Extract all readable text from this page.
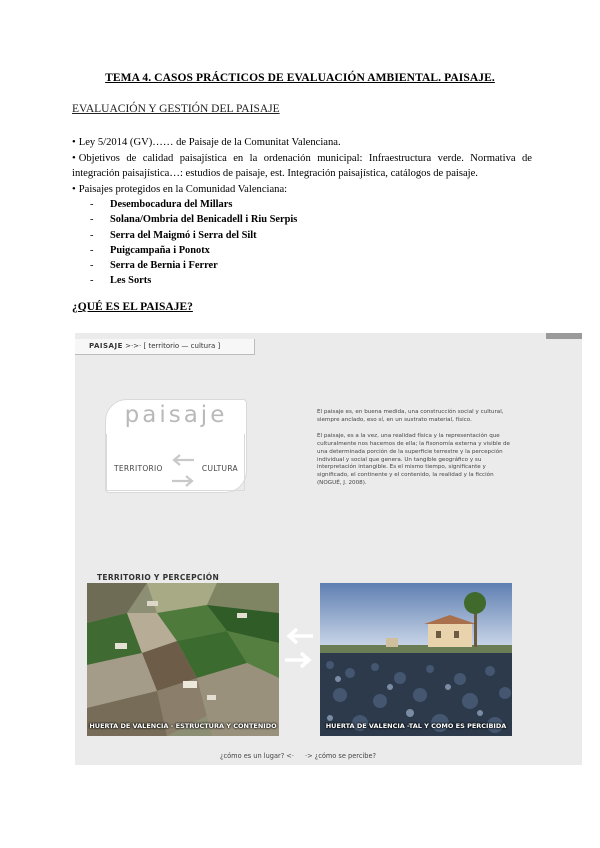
TEMA 4. CASOS PRÁCTICOS DE EVALUACIÓN AMBIENTAL. PAISAJE.
EVALUACIÓN Y GESTIÓN DEL PAISAJE
• Ley 5/2014 (GV)…… de Paisaje de la Comunitat Valenciana.
• Objetivos de calidad paisajística en la ordenación municipal: Infraestructura verde. Normativa de integración paisajística…: estudios de paisaje, est. Integración paisajística, catálogos de paisaje.
• Paisajes protegidos en la Comunidad Valenciana:
- Desembocadura del Millars
- Solana/Ombria del Benicadell i Riu Serpis
- Serra del Maigmó i Serra del Silt
- Puigcampaña i Ponotx
- Serra de Bernia i Ferrer
- Les Sorts
¿QUÉ ES EL PAISAJE?
PAISAJE >·>· [ territorio — cultura ]
paisaje
TERRITORIO	CULTURA

El paisaje es, en buena medida, una construcción social y cultural, siempre anclado, eso sí, en un sustrato material, físico.

El paisaje, es a la vez, una realidad física y la representación que culturalmente nos hacemos de ella; la fisonomía externa y visible de una determinada porción de la superficie terrestre y la percepción individual y social que genera. Un tangible geográfico y su interpretación intangible. Es el mismo tiempo, significante y significado, el continente y el contenido, la realidad y la ficción (NOGUÉ, J. 2008).

TERRITORIO Y PERCEPCIÓN
HUERTA DE VALENCIA - ESTRUCTURA Y CONTENIDO	HUERTA DE VALENCIA -TAL Y COMO ES PERCIBIDA
¿cómo es un lugar? <· ·> ¿cómo se percibe?
